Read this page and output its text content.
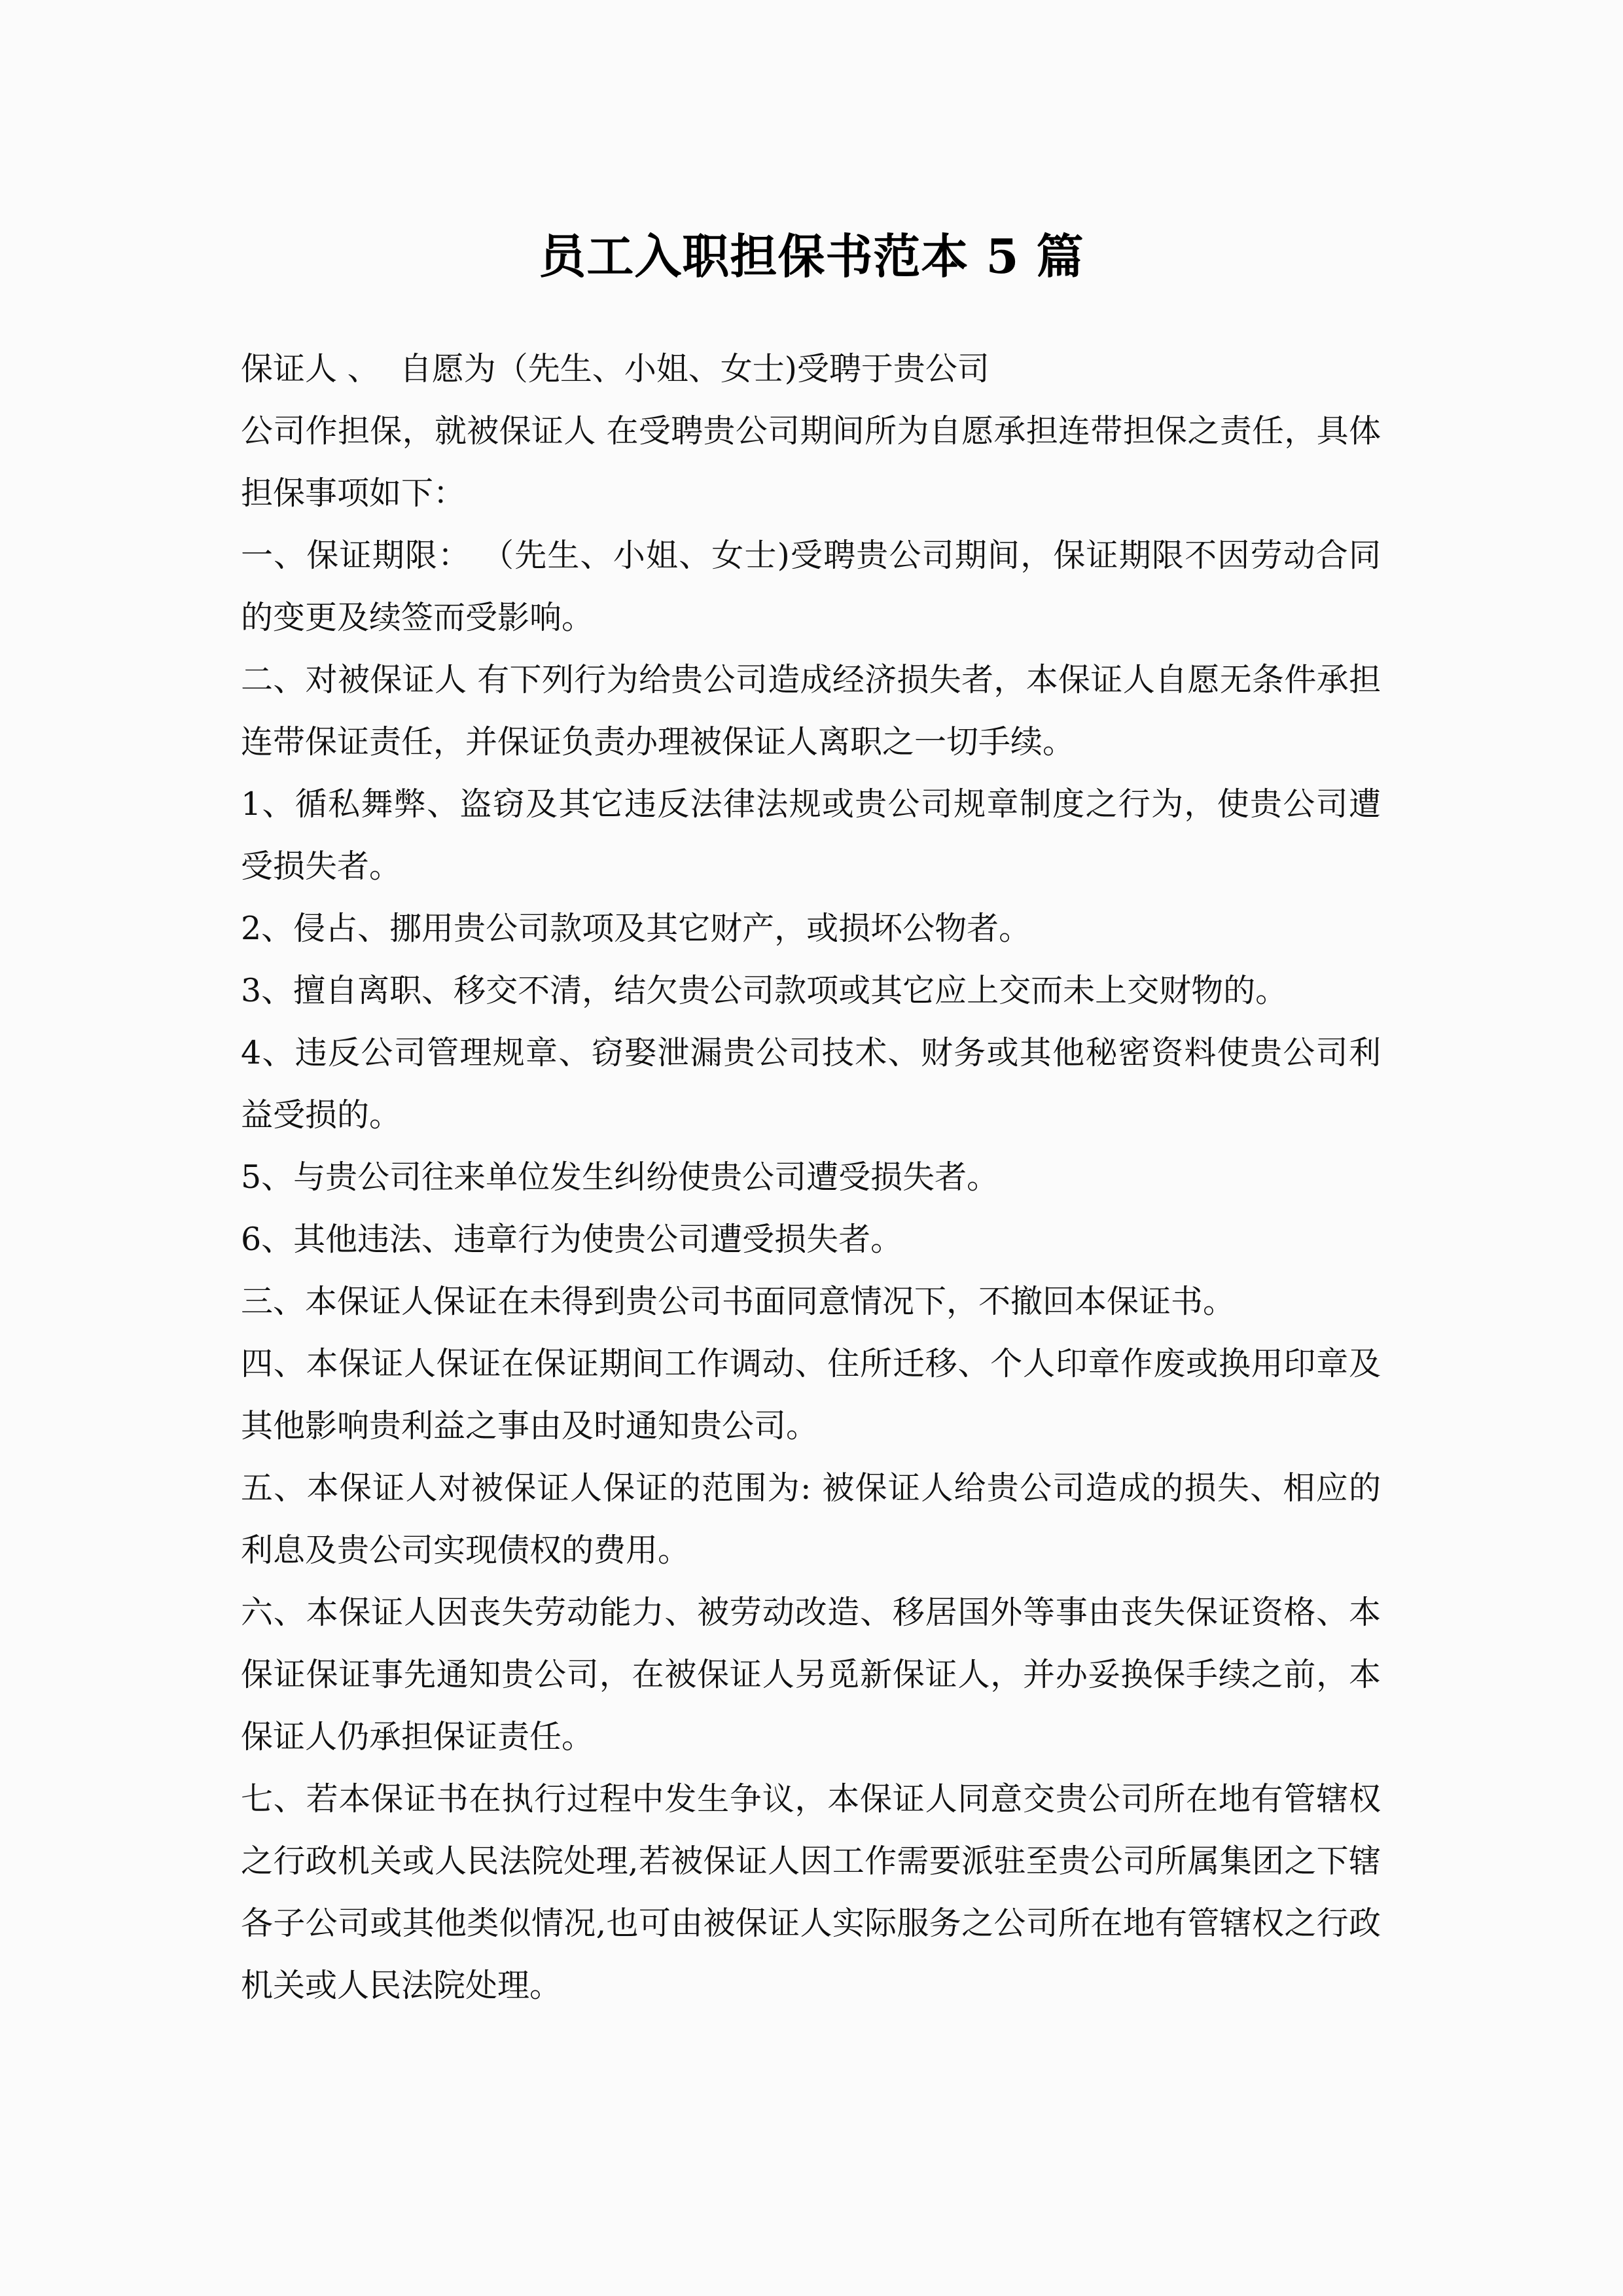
员工入职担保书范本 5 篇

保证人 、  自愿为（先生、小姐、女士)受聘于贵公司

公司作担保，就被保证人 在受聘贵公司期间所为自愿承担连带担保之责任，具体担保事项如下：

一、保证期限： （先生、小姐、女士)受聘贵公司期间，保证期限不因劳动合同的变更及续签而受影响。

二、对被保证人 有下列行为给贵公司造成经济损失者，本保证人自愿无条件承担连带保证责任，并保证负责办理被保证人离职之一切手续。

1、循私舞弊、盗窃及其它违反法律法规或贵公司规章制度之行为，使贵公司遭受损失者。

2、侵占、挪用贵公司款项及其它财产，或损坏公物者。

3、擅自离职、移交不清，结欠贵公司款项或其它应上交而未上交财物的。

4、违反公司管理规章、窃娶泄漏贵公司技术、财务或其他秘密资料使贵公司利益受损的。

5、与贵公司往来单位发生纠纷使贵公司遭受损失者。

6、其他违法、违章行为使贵公司遭受损失者。

三、本保证人保证在未得到贵公司书面同意情况下，不撤回本保证书。

四、本保证人保证在保证期间工作调动、住所迁移、个人印章作废或换用印章及其他影响贵利益之事由及时通知贵公司。

五、本保证人对被保证人保证的范围为: 被保证人给贵公司造成的损失、相应的利息及贵公司实现债权的费用。

六、本保证人因丧失劳动能力、被劳动改造、移居国外等事由丧失保证资格、本保证保证事先通知贵公司，在被保证人另觅新保证人，并办妥换保手续之前，本保证人仍承担保证责任。

七、若本保证书在执行过程中发生争议，本保证人同意交贵公司所在地有管辖权之行政机关或人民法院处理,若被保证人因工作需要派驻至贵公司所属集团之下辖各子公司或其他类似情况,也可由被保证人实际服务之公司所在地有管辖权之行政机关或人民法院处理。
